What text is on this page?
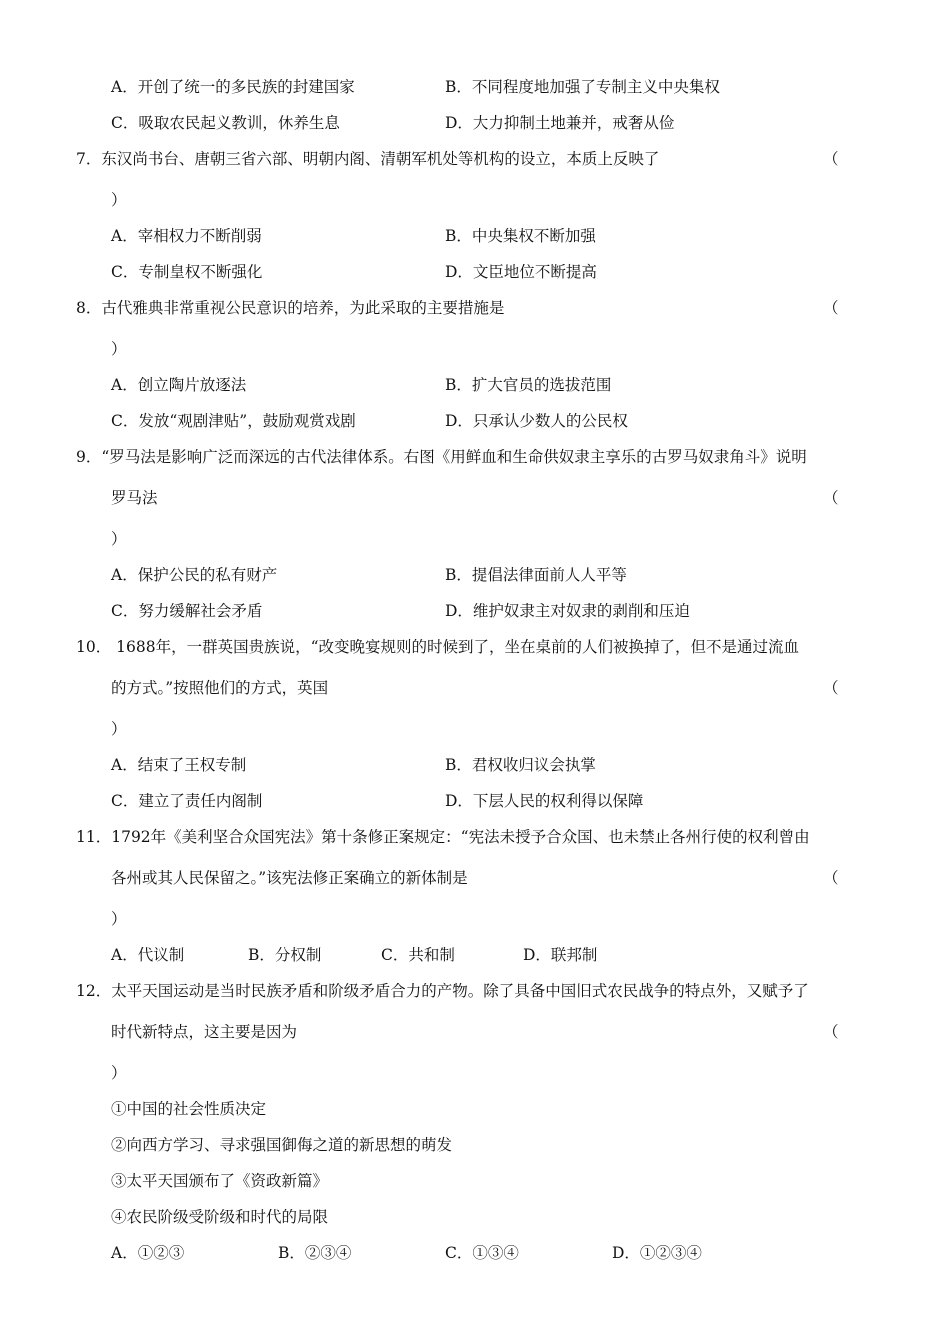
A．开创了统一的多民族的封建国家	B．不同程度地加强了专制主义中央集权
C．吸取农民起义教训，休养生息	D．大力抑制土地兼并，戒奢从俭
7．东汉尚书台、唐朝三省六部、明朝内阁、清朝军机处等机构的设立，本质上反映了	（
）
A．宰相权力不断削弱	B．中央集权不断加强
C．专制皇权不断强化	D．文臣地位不断提高
8．古代雅典非常重视公民意识的培养，为此采取的主要措施是	（
）
A．创立陶片放逐法	B．扩大官员的选拔范围
C．发放“观剧津贴”，鼓励观赏戏剧	D．只承认少数人的公民权
9．“罗马法是影响广泛而深远的古代法律体系。右图《用鲜血和生命供奴隶主享乐的古罗马奴隶角斗》说明
罗马法	（
）
A．保护公民的私有财产	B．提倡法律面前人人平等
C．努力缓解社会矛盾	D．维护奴隶主对奴隶的剥削和压迫
10． 1688年，一群英国贵族说，“改变晚宴规则的时候到了，坐在桌前的人们被换掉了，但不是通过流血
的方式。”按照他们的方式，英国	（
）
A．结束了王权专制	B．君权收归议会执掌
C．建立了责任内阁制	D．下层人民的权利得以保障
11．1792年《美利坚合众国宪法》第十条修正案规定：“宪法未授予合众国、也未禁止各州行使的权利曾由
各州或其人民保留之。”该宪法修正案确立的新体制是	（
）
A．代议制	B．分权制	C．共和制	D．联邦制
12．太平天国运动是当时民族矛盾和阶级矛盾合力的产物。除了具备中国旧式农民战争的特点外，又赋予了
时代新特点，这主要是因为	（
）
①中国的社会性质决定
②向西方学习、寻求强国御侮之道的新思想的萌发
③太平天国颁布了《资政新篇》
④农民阶级受阶级和时代的局限
A．①②③	B．②③④	C．①③④	D．①②③④
